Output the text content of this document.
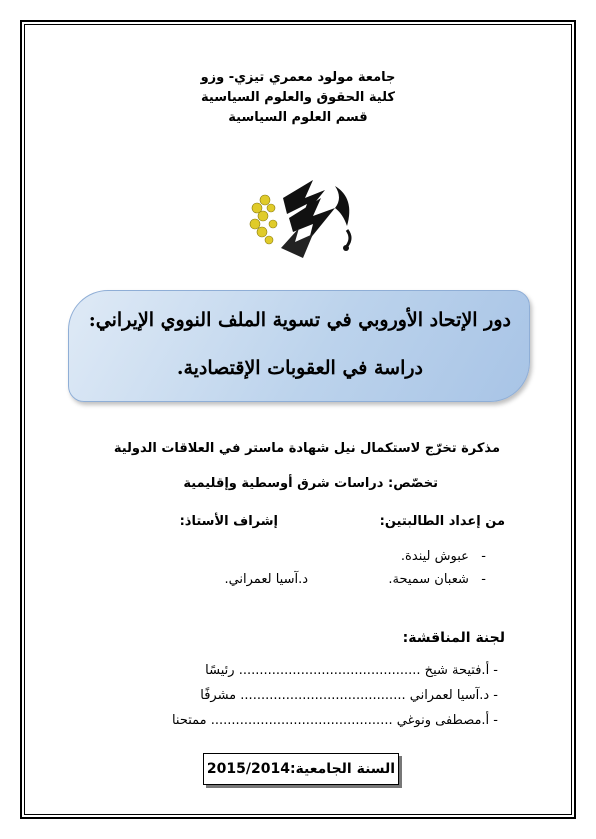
جامعة مولود معمري تيزي- وزو
كلية الحقوق والعلوم السياسية
قسم العلوم السياسية
دور الإتحاد الأوروبي في تسوية الملف النووي الإيراني:
دراسة في العقوبات الإقتصادية.
مذكرة تخرّج لاستكمال نيل شهادة ماستر في العلاقات الدولية
تخصّص: دراسات شرق أوسطية وإقليمية
من إعداد الطالبتين:
إشراف الأستاذ:
-   عبوش ليندة.
-   شعبان سميحة.
د.آسيا لعمراني.
لجنة المناقشة:
- أ.فتيحة شيخ ............................................ رئيسًا
- د.آسيا لعمراني ........................................ مشرفًا
- أ.مصطفى ونوغي ............................................ ممتحنا
السنة الجامعية:2015/2014
